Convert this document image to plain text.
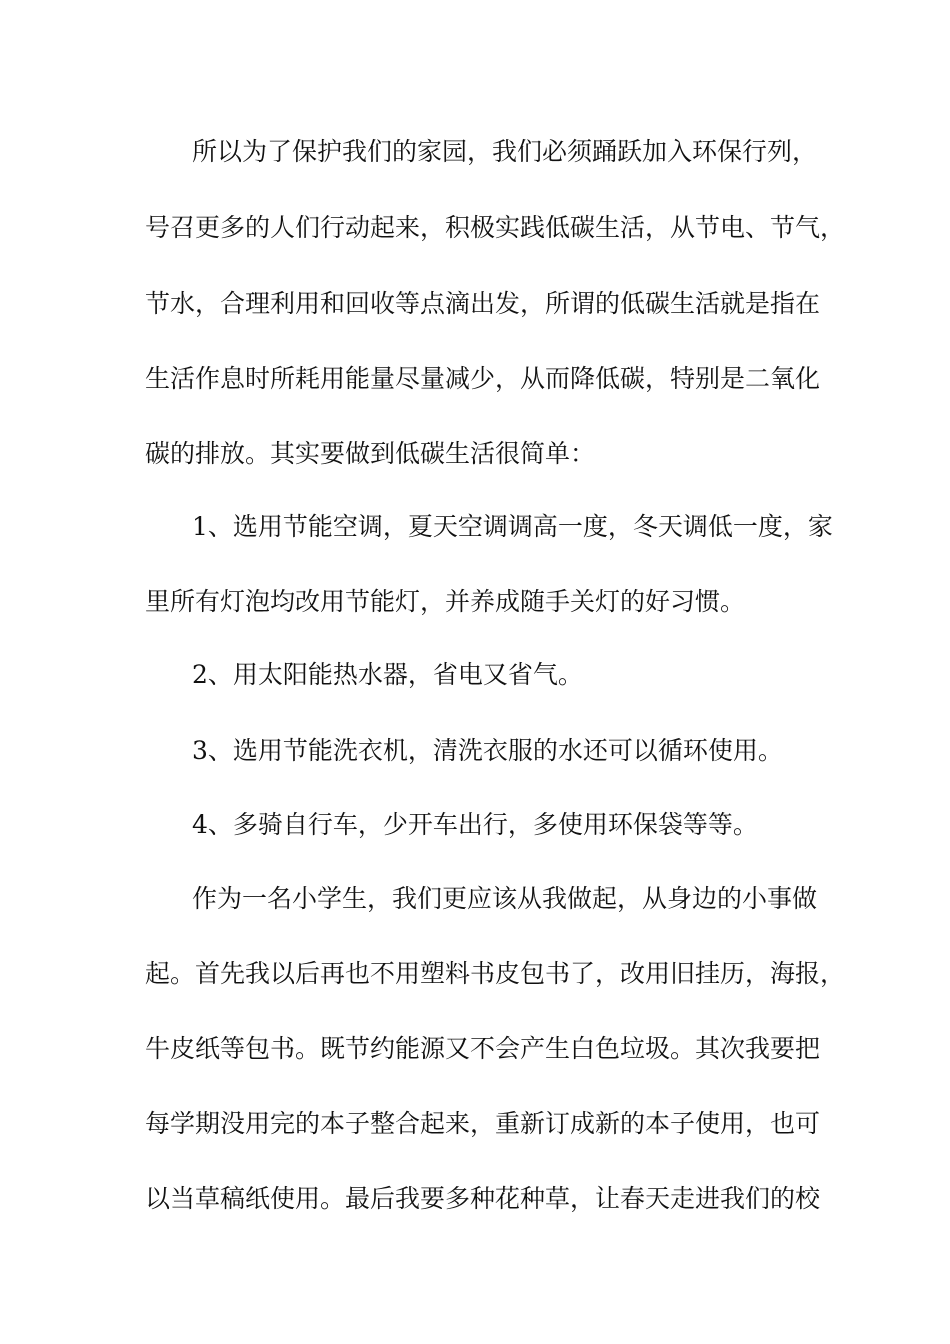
所以为了保护我们的家园，我们必须踊跃加入环保行列，
号召更多的人们行动起来，积极实践低碳生活，从节电、节气，
节水，合理利用和回收等点滴出发，所谓的低碳生活就是指在
生活作息时所耗用能量尽量减少，从而降低碳，特别是二氧化
碳的排放。其实要做到低碳生活很简单：
1、选用节能空调，夏天空调调高一度，冬天调低一度，家
里所有灯泡均改用节能灯，并养成随手关灯的好习惯。
2、用太阳能热水器，省电又省气。
3、选用节能洗衣机，清洗衣服的水还可以循环使用。
4、多骑自行车，少开车出行，多使用环保袋等等。
作为一名小学生，我们更应该从我做起，从身边的小事做
起。首先我以后再也不用塑料书皮包书了，改用旧挂历，海报，
牛皮纸等包书。既节约能源又不会产生白色垃圾。其次我要把
每学期没用完的本子整合起来，重新订成新的本子使用，也可
以当草稿纸使用。最后我要多种花种草，让春天走进我们的校
